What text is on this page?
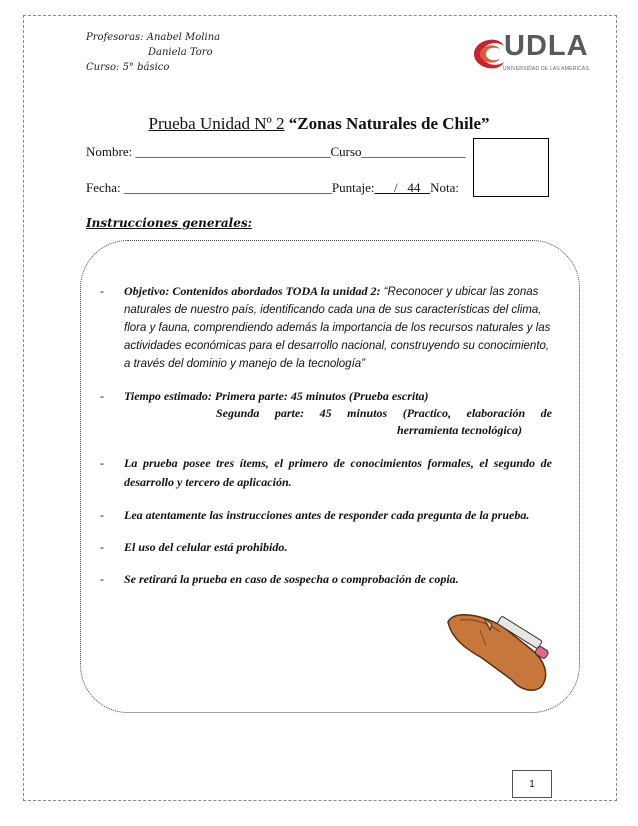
Profesoras: Anabel Molina
Daniela Toro
Curso: 5° básico
UDLA
UNIVERSIDAD DE LAS AMÉRICAS
Prueba Unidad Nº 2 “Zonas Naturales de Chile”
Nombre: ______________________________Curso________________
Fecha: ________________________________Puntaje:      /   44   Nota:
Instrucciones generales:
- Objetivo: Contenidos abordados TODA la unidad 2: “Reconocer y ubicar las zonas naturales de nuestro país, identificando cada una de sus características del clima, flora y fauna, comprendiendo además la importancia de los recursos naturales y las actividades económicas para el desarrollo nacional, construyendo su conocimiento, a través del dominio y manejo de la tecnología”
- Tiempo estimado: Primera parte: 45 minutos (Prueba escrita)
Segunda parte: 45 minutos (Practico, elaboración de
herramienta tecnológica)
- La prueba posee tres ítems, el primero de conocimientos formales, el segundo de desarrollo y tercero de aplicación.
- Lea atentamente las instrucciones antes de responder cada pregunta de la prueba.
- El uso del celular está prohibido.
- Se retirará la prueba en caso de sospecha o comprobación de copia.
1
